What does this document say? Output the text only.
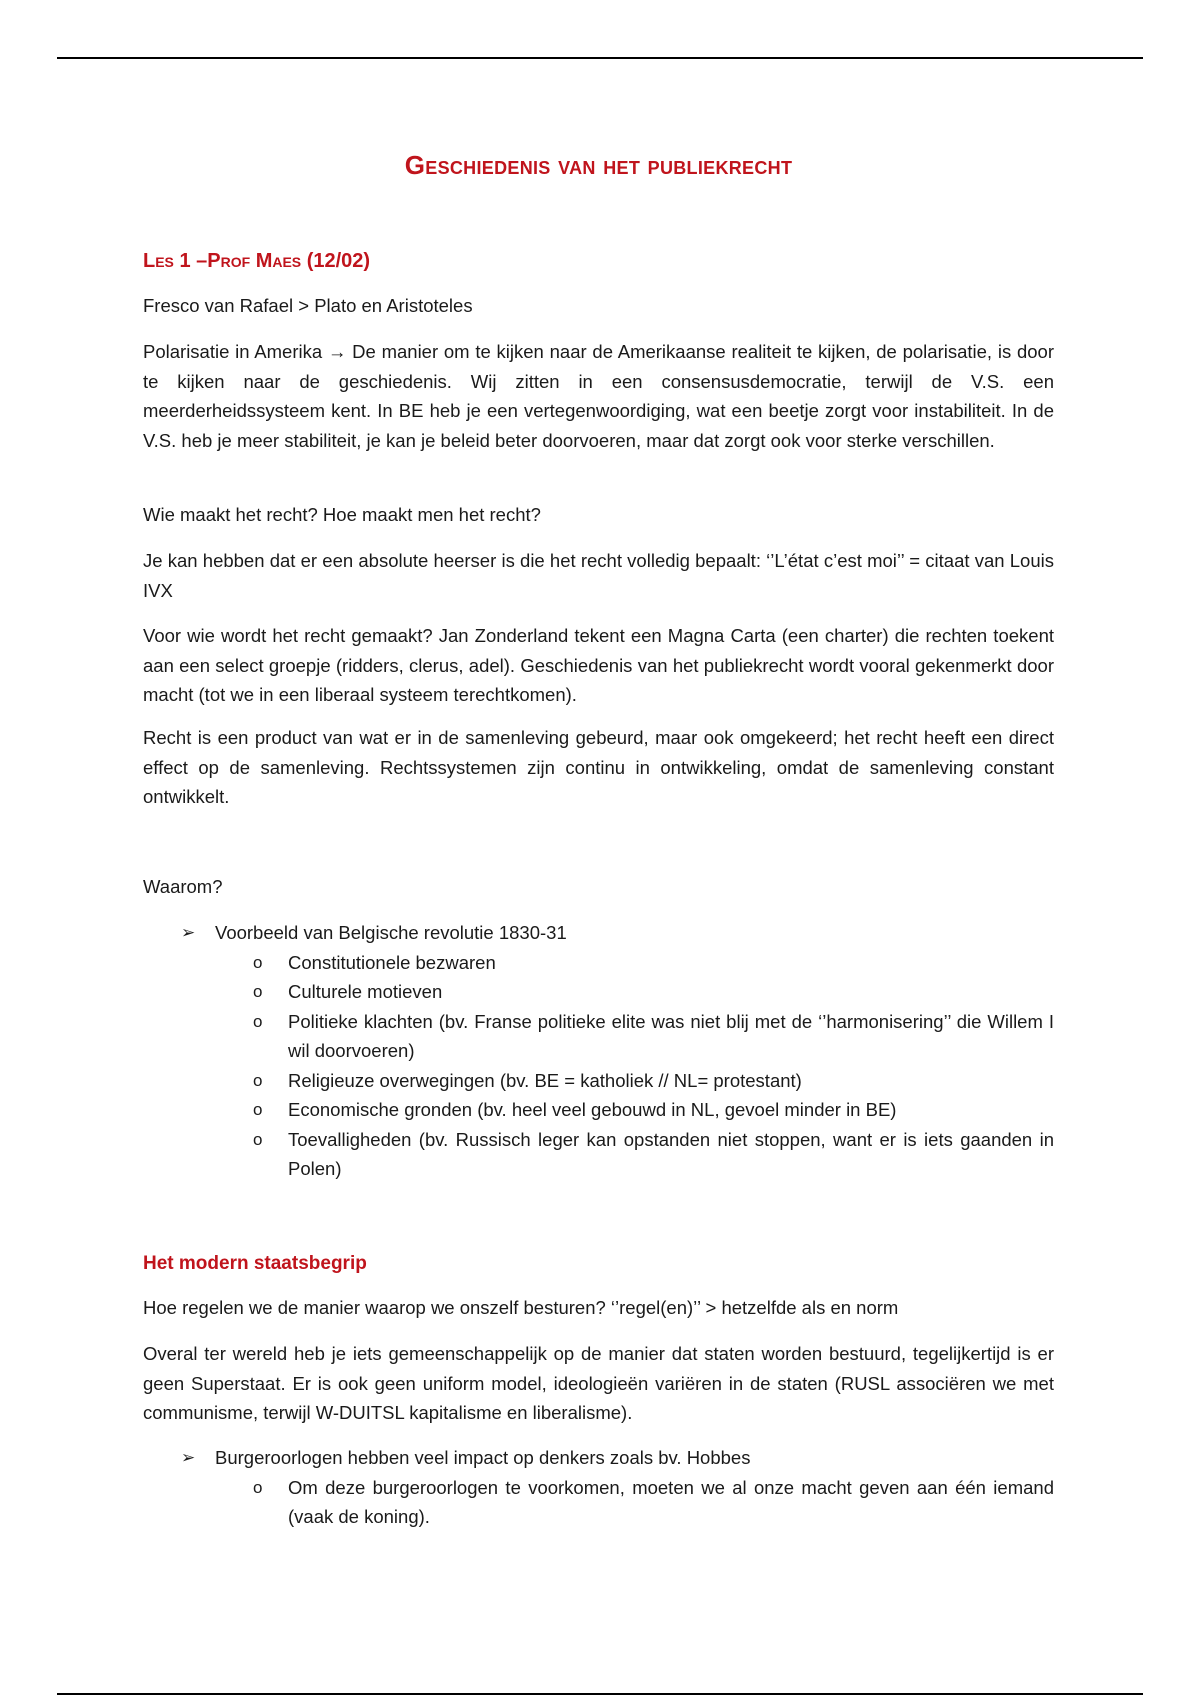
Geschiedenis van het publiekrecht
Les 1 –Prof Maes (12/02)
Fresco van Rafael > Plato en Aristoteles
Polarisatie in Amerika → De manier om te kijken naar de Amerikaanse realiteit te kijken, de polarisatie, is door te kijken naar de geschiedenis. Wij zitten in een consensusdemocratie, terwijl de V.S. een meerderheidssysteem kent. In BE heb je een vertegenwoordiging, wat een beetje zorgt voor instabiliteit. In de V.S. heb je meer stabiliteit, je kan je beleid beter doorvoeren, maar dat zorgt ook voor sterke verschillen.
Wie maakt het recht? Hoe maakt men het recht?
Je kan hebben dat er een absolute heerser is die het recht volledig bepaalt: ‘’L’état c’est moi’’ = citaat van Louis IVX
Voor wie wordt het recht gemaakt? Jan Zonderland tekent een Magna Carta (een charter) die rechten toekent aan een select groepje (ridders, clerus, adel). Geschiedenis van het publiekrecht wordt vooral gekenmerkt door macht (tot we in een liberaal systeem terechtkomen).
Recht is een product van wat er in de samenleving gebeurd, maar ook omgekeerd; het recht heeft een direct effect op de samenleving. Rechtssystemen zijn continu in ontwikkeling, omdat de samenleving constant ontwikkelt.
Waarom?
➢ Voorbeeld van Belgische revolutie 1830-31
o Constitutionele bezwaren
o Culturele motieven
o Politieke klachten (bv. Franse politieke elite was niet blij met de ‘’harmonisering’’ die Willem I wil doorvoeren)
o Religieuze overwegingen (bv. BE = katholiek // NL= protestant)
o Economische gronden (bv. heel veel gebouwd in NL, gevoel minder in BE)
o Toevalligheden (bv. Russisch leger kan opstanden niet stoppen, want er is iets gaanden in Polen)
Het modern staatsbegrip
Hoe regelen we de manier waarop we onszelf besturen? ‘’regel(en)’’ > hetzelfde als en norm
Overal ter wereld heb je iets gemeenschappelijk op de manier dat staten worden bestuurd, tegelijkertijd is er geen Superstaat. Er is ook geen uniform model, ideologieën variëren in de staten (RUSL associëren we met communisme, terwijl W-DUITSL kapitalisme en liberalisme).
➢ Burgeroorlogen hebben veel impact op denkers zoals bv. Hobbes
o Om deze burgeroorlogen te voorkomen, moeten we al onze macht geven aan één iemand (vaak de koning).
